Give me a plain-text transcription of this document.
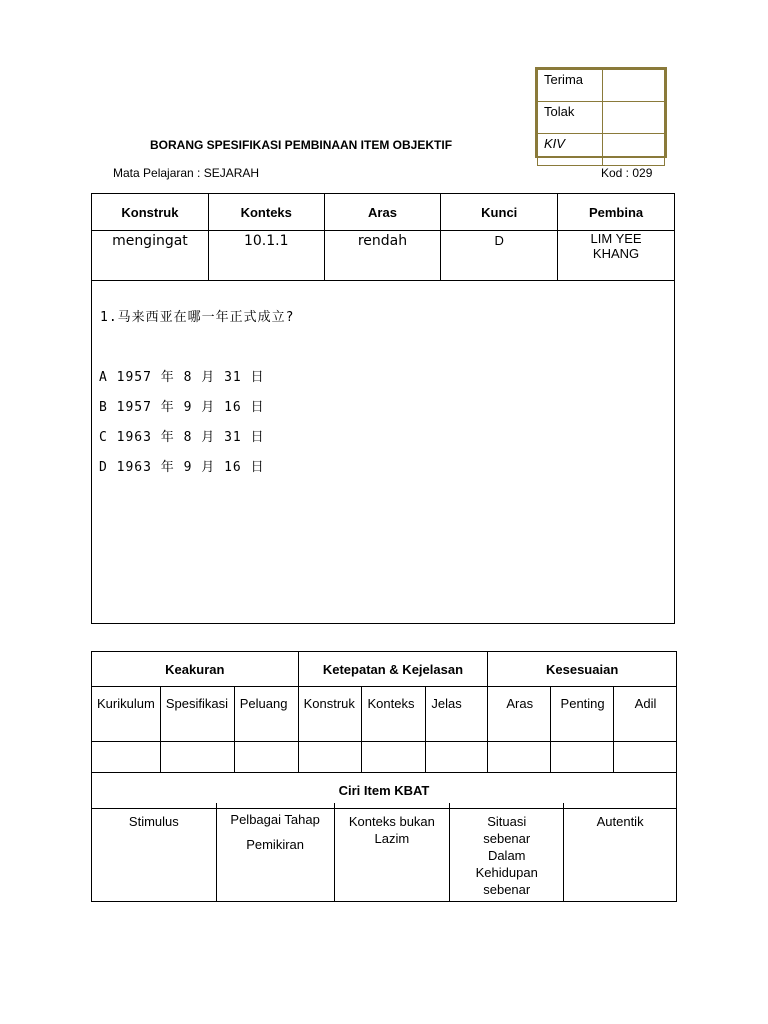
Terima	
Tolak	
KIV	
BORANG SPESIFIKASI PEMBINAAN ITEM OBJEKTIF
Mata Pelajaran : SEJARAH	Kod : 029
Konstruk	Konteks	Aras	Kunci	Pembina
mengingat	10.1.1	rendah	D	LIM YEE KHANG
1.马来西亚在哪一年正式成立?
A 1957 年 8 月 31 日
B 1957 年 9 月 16 日
C 1963 年 8 月 31 日
D 1963 年 9 月 16 日
Keakuran			Ketepatan & Kejelasan			Kesesuaian		
Kurikulum	Spesifikasi	Peluang	Konstruk	Konteks	Jelas	Aras	Penting	Adil

Ciri Item KBAT								
Stimulus	Pelbagai Tahap Pemikiran	Konteks bukan Lazim	Situasi sebenar Dalam Kehidupan sebenar	Autentik
